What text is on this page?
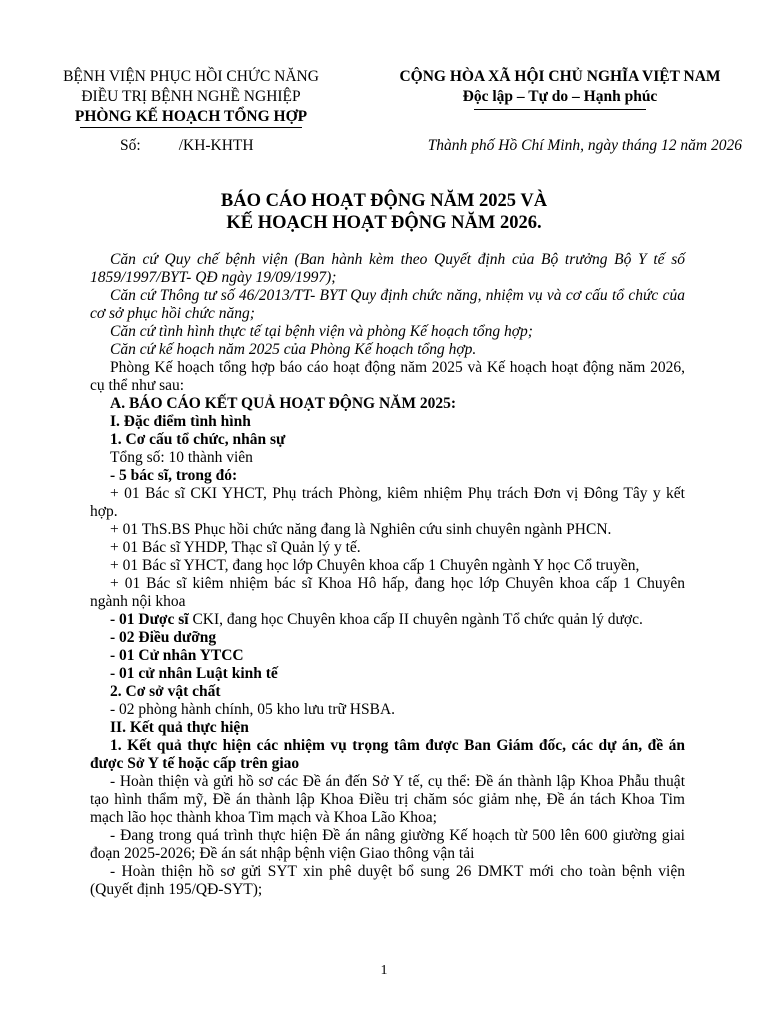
BỆNH VIỆN PHỤC HỒI CHỨC NĂNG
ĐIỀU TRỊ BỆNH NGHỀ NGHIỆP
PHÒNG KẾ HOẠCH TỔNG HỢP
CỘNG HÒA XÃ HỘI CHỦ NGHĨA VIỆT NAM
Độc lập – Tự do – Hạnh phúc
Số: /KH-KHTH	Thành phố Hồ Chí Minh, ngày tháng 12 năm 2026
BÁO CÁO HOẠT ĐỘNG NĂM 2025 VÀ
KẾ HOẠCH HOẠT ĐỘNG NĂM 2026.

Căn cứ Quy chế bệnh viện (Ban hành kèm theo Quyết định của Bộ trưởng Bộ Y tế số 1859/1997/BYT- QĐ ngày 19/09/1997);

Căn cứ Thông tư số 46/2013/TT- BYT Quy định chức năng, nhiệm vụ và cơ cấu tổ chức của cơ sở phục hồi chức năng;

Căn cứ tình hình thực tế tại bệnh viện và phòng Kế hoạch tổng hợp;

Căn cứ kế hoạch năm 2025 của Phòng Kế hoạch tổng hợp.

Phòng Kế hoạch tổng hợp báo cáo hoạt động năm 2025 và Kế hoạch hoạt động năm 2026, cụ thể như sau:

A. BÁO CÁO KẾT QUẢ HOẠT ĐỘNG NĂM 2025:

I. Đặc điểm tình hình

1. Cơ cấu tổ chức, nhân sự

Tổng số: 10 thành viên

- 5 bác sĩ, trong đó:

+ 01 Bác sĩ CKI YHCT, Phụ trách Phòng, kiêm nhiệm Phụ trách Đơn vị Đông Tây y kết hợp.

+ 01 ThS.BS Phục hồi chức năng đang là Nghiên cứu sinh chuyên ngành PHCN.

+ 01 Bác sĩ YHDP, Thạc sĩ Quản lý y tế.

+ 01 Bác sĩ YHCT, đang học lớp Chuyên khoa cấp 1 Chuyên ngành Y học Cổ truyền,

+ 01 Bác sĩ kiêm nhiệm bác sĩ Khoa Hô hấp, đang học lớp Chuyên khoa cấp 1 Chuyên ngành nội khoa

- 01 Dược sĩ CKI, đang học Chuyên khoa cấp II chuyên ngành Tổ chức quản lý dược.

- 02 Điều dưỡng

- 01 Cử nhân YTCC

- 01 cử nhân Luật kinh tế

2. Cơ sở vật chất

- 02 phòng hành chính, 05 kho lưu trữ HSBA.

II. Kết quả thực hiện

1. Kết quả thực hiện các nhiệm vụ trọng tâm được Ban Giám đốc, các dự án, đề án được Sở Y tế hoặc cấp trên giao

- Hoàn thiện và gửi hồ sơ các Đề án đến Sở Y tế, cụ thể: Đề án thành lập Khoa Phẫu thuật tạo hình thẩm mỹ, Đề án thành lập Khoa Điều trị chăm sóc giảm nhẹ, Đề án tách Khoa Tim mạch lão học thành khoa Tim mạch và Khoa Lão Khoa;

- Đang trong quá trình thực hiện Đề án nâng giường Kế hoạch từ 500 lên 600 giường giai đoạn 2025-2026; Đề án sát nhập bệnh viện Giao thông vận tải

- Hoàn thiện hồ sơ gửi SYT xin phê duyệt bổ sung 26 DMKT mới cho toàn bệnh viện (Quyết định 195/QĐ-SYT);

1
